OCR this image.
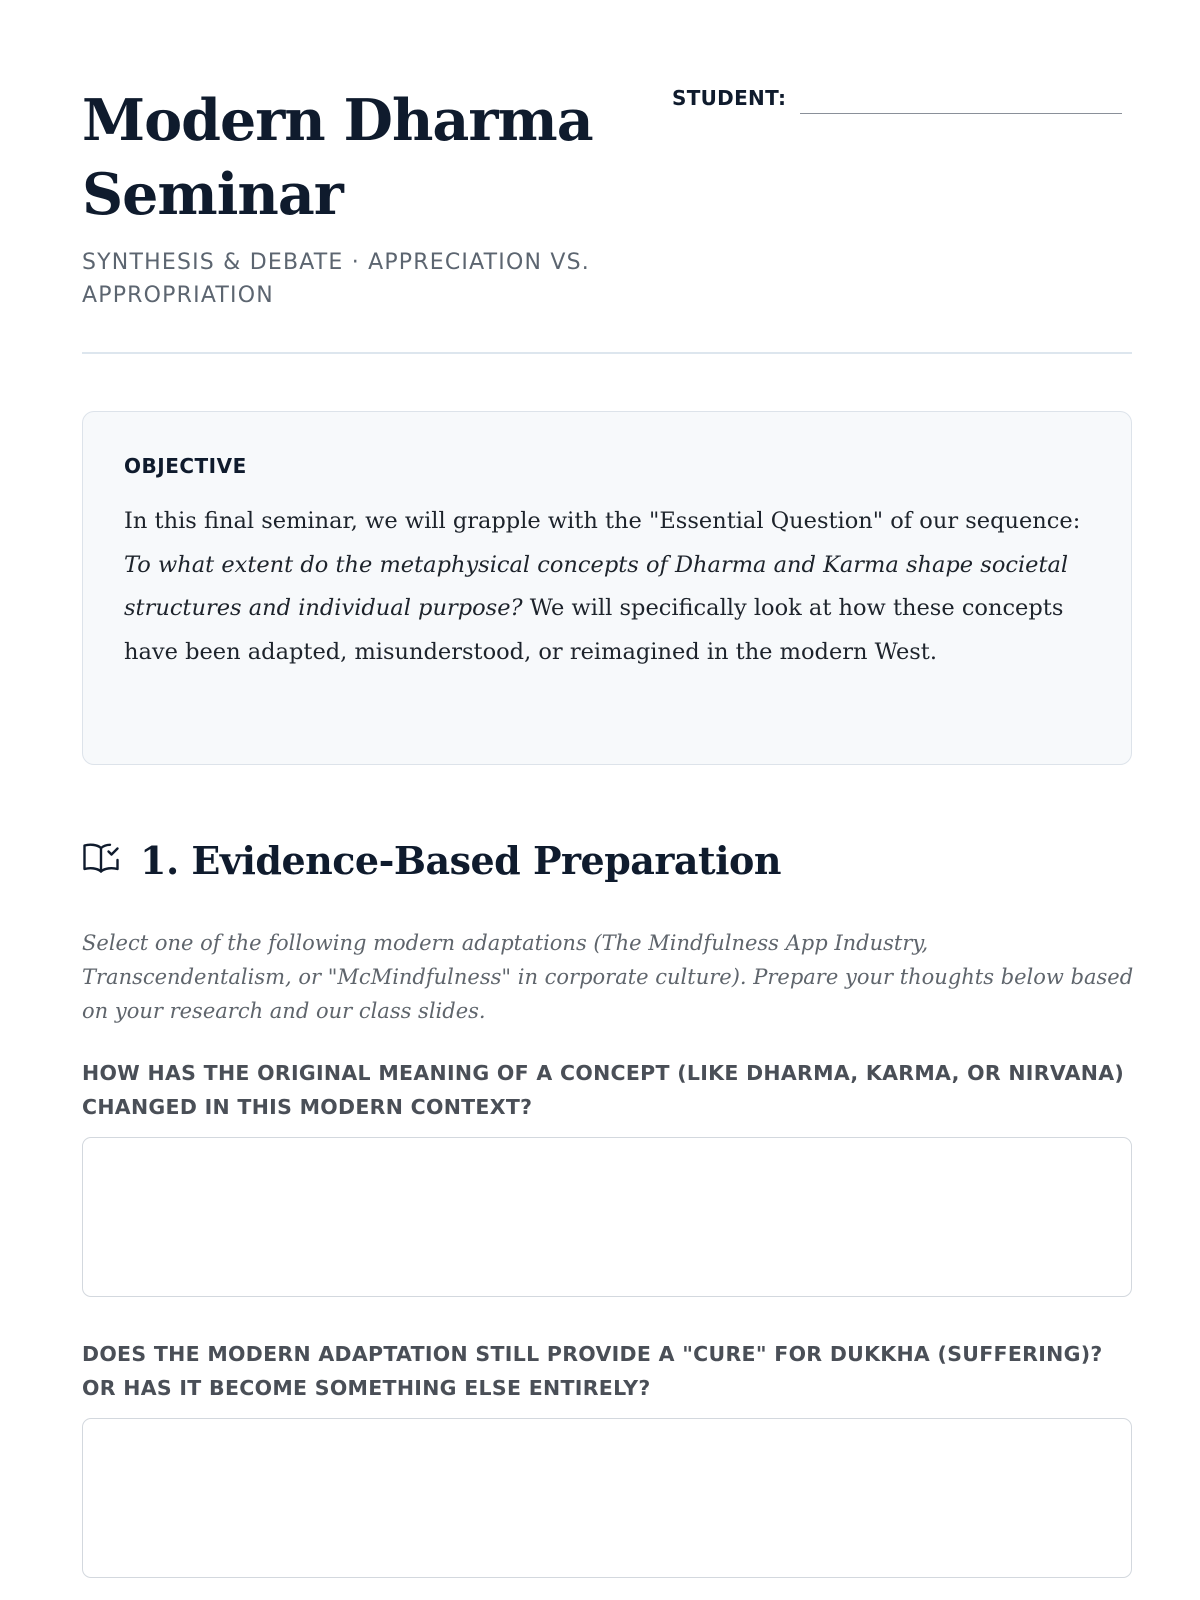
Modern Dharma Seminar
SYNTHESIS & DEBATE · APPRECIATION VS. APPROPRIATION
STUDENT:
OBJECTIVE

In this final seminar, we will grapple with the "Essential Question" of our sequence: To what extent do the metaphysical concepts of Dharma and Karma shape societal structures and individual purpose? We will specifically look at how these concepts have been adapted, misunderstood, or reimagined in the modern West.

1. Evidence-Based Preparation

Select one of the following modern adaptations (The Mindfulness App Industry, Transcendentalism, or "McMindfulness" in corporate culture). Prepare your thoughts below based on your research and our class slides.

HOW HAS THE ORIGINAL MEANING OF A CONCEPT (LIKE DHARMA, KARMA, OR NIRVANA) CHANGED IN THIS MODERN CONTEXT?

DOES THE MODERN ADAPTATION STILL PROVIDE A "CURE" FOR DUKKHA (SUFFERING)? OR HAS IT BECOME SOMETHING ELSE ENTIRELY?
